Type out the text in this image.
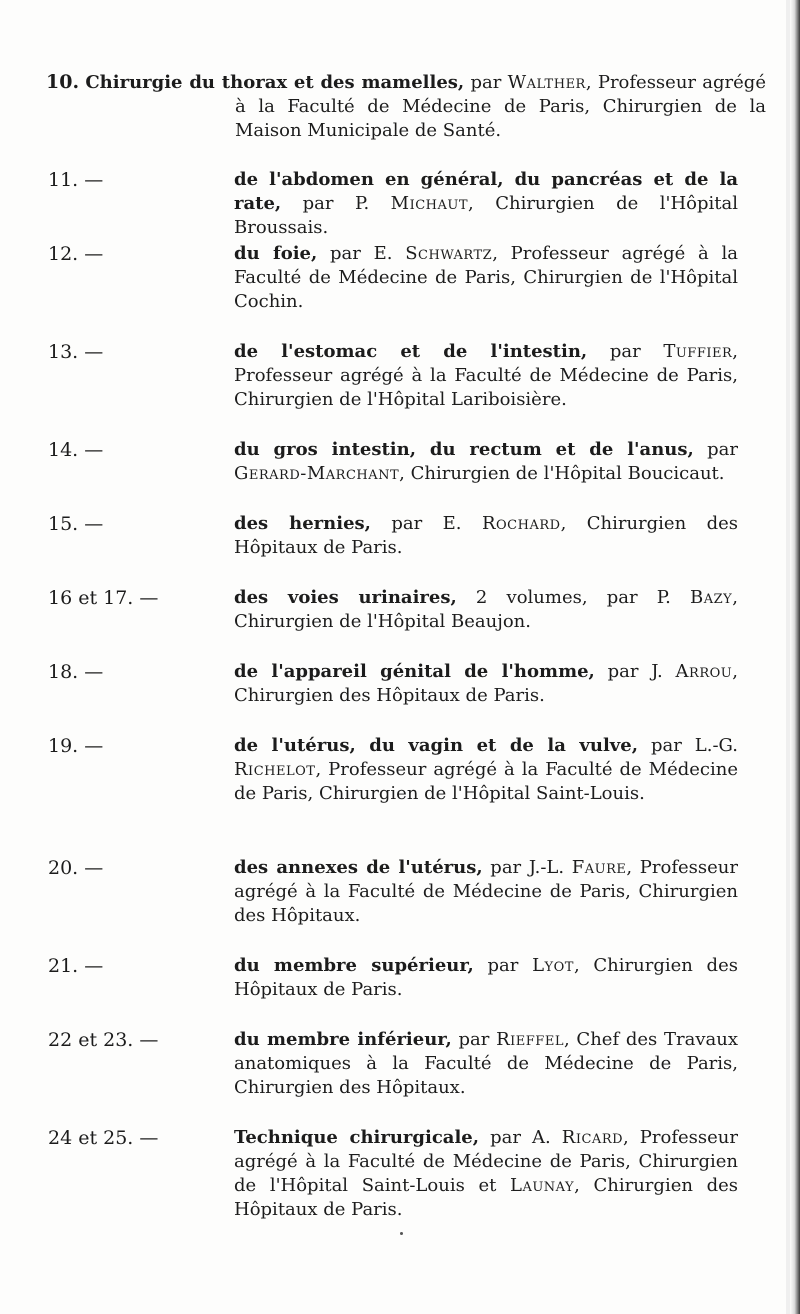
10. Chirurgie du thorax et des mamelles, par Walther, Professeur agrégé à la Faculté de Médecine de Paris, Chirurgien de la Maison Municipale de Santé.
11. —	de l'abdomen en général, du pancréas et de la rate, par P. Michaut, Chirurgien de l'Hôpital Broussais.
12. —	du foie, par E. Schwartz, Professeur agrégé à la Faculté de Médecine de Paris, Chirurgien de l'Hôpital Cochin.
13. —	de l'estomac et de l'intestin, par Tuffier, Professeur agrégé à la Faculté de Médecine de Paris, Chirurgien de l'Hôpital Lariboisière.
14. —	du gros intestin, du rectum et de l'anus, par Gerard-Marchant, Chirurgien de l'Hôpital Boucicaut.
15. —	des hernies, par E. Rochard, Chirurgien des Hôpitaux de Paris.
16 et 17. —	des voies urinaires, 2 volumes, par P. Bazy, Chirurgien de l'Hôpital Beaujon.
18. —	de l'appareil génital de l'homme, par J. Arrou, Chirurgien des Hôpitaux de Paris.
19. —	de l'utérus, du vagin et de la vulve, par L.-G. Richelot, Professeur agrégé à la Faculté de Médecine de Paris, Chirurgien de l'Hôpital Saint-Louis.
20. —	des annexes de l'utérus, par J.-L. Faure, Professeur agrégé à la Faculté de Médecine de Paris, Chirurgien des Hôpitaux.
21. —	du membre supérieur, par Lyot, Chirurgien des Hôpitaux de Paris.
22 et 23. —	du membre inférieur, par Rieffel, Chef des Travaux anatomiques à la Faculté de Médecine de Paris, Chirurgien des Hôpitaux.
24 et 25. —	Technique chirurgicale, par A. Ricard, Professeur agrégé à la Faculté de Médecine de Paris, Chirurgien de l'Hôpital Saint-Louis et Launay, Chirurgien des Hôpitaux de Paris.
